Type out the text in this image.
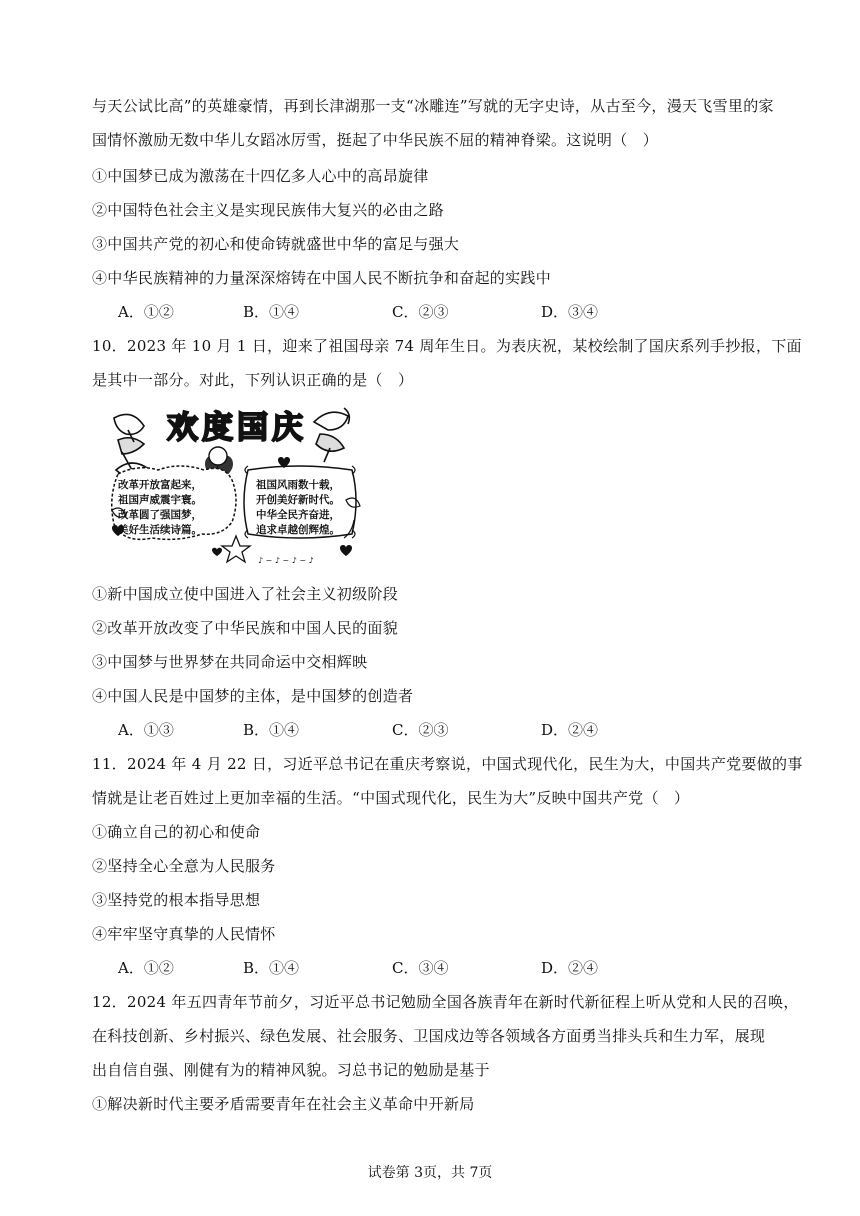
与天公试比高”的英雄豪情，再到长津湖那一支“冰雕连”写就的无字史诗，从古至今，漫天飞雪里的家
国情怀激励无数中华儿女蹈冰厉雪，挺起了中华民族不屈的精神脊梁。这说明（　）
①中国梦已成为激荡在十四亿多人心中的高昂旋律
②中国特色社会主义是实现民族伟大复兴的必由之路
③中国共产党的初心和使命铸就盛世中华的富足与强大
④中华民族精神的力量深深熔铸在中国人民不断抗争和奋起的实践中
A．①②	B．①④	C．②③	D．③④
10．2023 年 10 月 1 日，迎来了祖国母亲 74 周年生日。为表庆祝，某校绘制了国庆系列手抄报，下面
是其中一部分。对此，下列认识正确的是（　）
♪ ~ ♪ ~ ♪ ~ ♪
欢度国庆
改革开放富起来，
祖国声威震宇寰。
改革圆了强国梦，
美好生活续诗篇。
祖国风雨数十载，
开创美好新时代。
中华全民齐奋进，
追求卓越创辉煌。
①新中国成立使中国进入了社会主义初级阶段
②改革开放改变了中华民族和中国人民的面貌
③中国梦与世界梦在共同命运中交相辉映
④中国人民是中国梦的主体，是中国梦的创造者
A．①③	B．①④	C．②③	D．②④
11．2024 年 4 月 22 日，习近平总书记在重庆考察说，中国式现代化，民生为大，中国共产党要做的事
情就是让老百姓过上更加幸福的生活。“中国式现代化，民生为大”反映中国共产党（　）
①确立自己的初心和使命
②坚持全心全意为人民服务
③坚持党的根本指导思想
④牢牢坚守真挚的人民情怀
A．①②	B．①④	C．③④	D．②④
12．2024 年五四青年节前夕，习近平总书记勉励全国各族青年在新时代新征程上听从党和人民的召唤，
在科技创新、乡村振兴、绿色发展、社会服务、卫国戍边等各领域各方面勇当排头兵和生力军，展现
出自信自强、刚健有为的精神风貌。习总书记的勉励是基于
①解决新时代主要矛盾需要青年在社会主义革命中开新局
试卷第 3页，共 7页
